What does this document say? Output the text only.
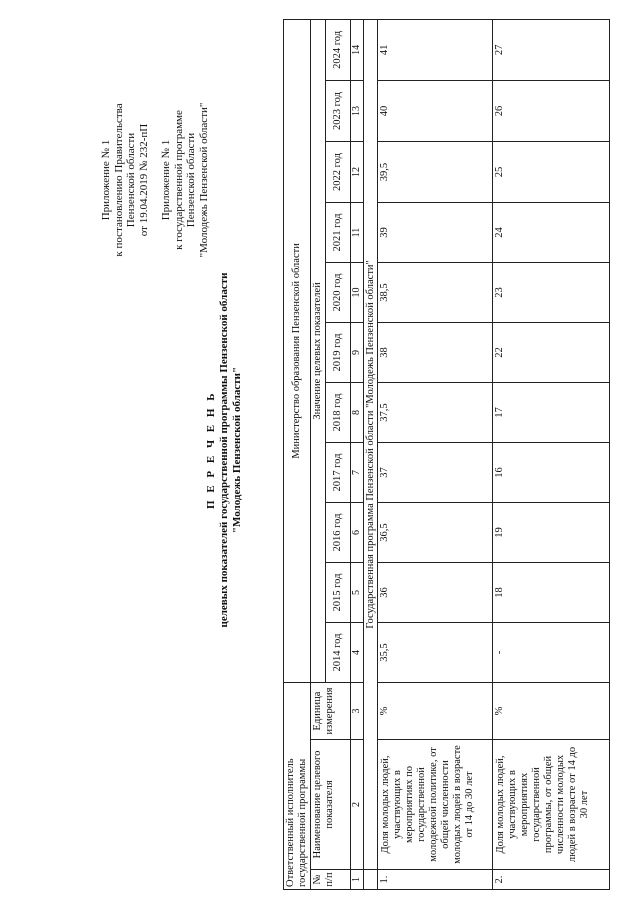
Приложение № 1 к постановлению Правительства Пензенской области от 19.04.2019 № 232-пП Приложение № 1 к государственной программе Пензенской области "Молодежь Пензенской области"
П Е Р Е Ч Е Н Ь целевых показателей государственной программы Пензенской области "Молодежь Пензенской области"
Ответственный исполнитель государственной программы			Министерство образования Пензенской области										
№ п/п	Наименование целевого показателя	Единица измерения	Значение целевых показателей										
			2014 год	2015 год	2016 год	2017 год	2018 год	2019 год	2020 год	2021 год	2022 год	2023 год	2024 год
1	2	3	4	5	6	7	8	9	10	11	12	13	14
	Государственная программа Пензенской области "Молодежь Пензенской области"												
1.	Доля молодых людей, участвующих в мероприятиях по государственной молодежной политике, от общей численности молодых людей в возрасте от 14 до 30 лет	%	35,5	36	36,5	37	37,5	38	38,5	39	39,5	40	41
2.	Доля молодых людей, участвующих в мероприятиях государственной программы, от общей численности молодых людей в возрасте от 14 до 30 лет	%	-	18	19	16	17	22	23	24	25	26	27
